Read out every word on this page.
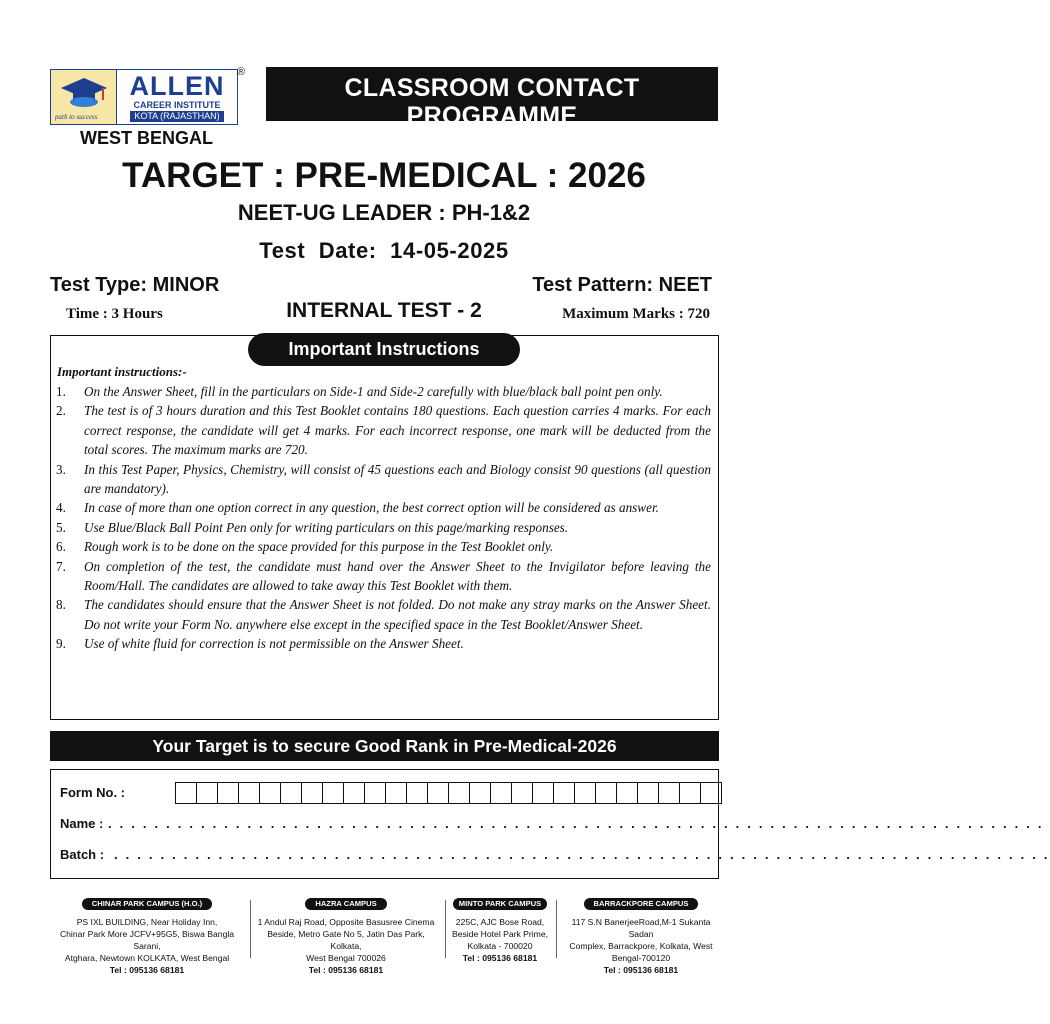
path to success
ALLEN
CAREER INSTITUTE
KOTA (RAJASTHAN)
®
WEST BENGAL
CLASSROOM CONTACT PROGRAMME
(Academic Session : 2025-2026)
TARGET : PRE-MEDICAL : 2026
NEET-UG LEADER : PH-1&2
Test  Date:  14-05-2025
Test Type: MINOR	Test Pattern: NEET
Time : 3 Hours	INTERNAL TEST - 2	Maximum Marks : 720
Important Instructions
Important instructions:-
1. On the Answer Sheet, fill in the particulars on Side-1 and Side-2 carefully with blue/black ball point pen only.
2. The test is of 3 hours duration and this Test Booklet contains 180 questions. Each question carries 4 marks. For each correct response, the candidate will get 4 marks. For each incorrect response, one mark will be deducted from the total scores. The maximum marks are 720.
3. In this Test Paper, Physics, Chemistry, will consist of 45 questions each and Biology consist 90 questions (all question are mandatory).
4. In case of more than one option correct in any question, the best correct option will be considered as answer.
5. Use Blue/Black Ball Point Pen only for writing particulars on this page/marking responses.
6. Rough work is to be done on the space provided for this purpose in the Test Booklet only.
7. On completion of the test, the candidate must hand over the Answer Sheet to the Invigilator before leaving the Room/Hall. The candidates are allowed to take away this Test Booklet with them.
8. The candidates should ensure that the Answer Sheet is not folded. Do not make any stray marks on the Answer Sheet. Do not write your Form No. anywhere else except in the specified space in the Test Booklet/Answer Sheet.
9. Use of white fluid for correction is not permissible on the Answer Sheet.
Your Target is to secure Good Rank in Pre-Medical-2026
Form No. :
Name : . . . . . . . . . . . . . . . . . . . . . . . . . . . . . . . . . . . . . . . . . . . . . . . . . . . . . . . . . . . . . . . . . . . . . . . . . . . . . . . . .
Batch : . . . . . . . . . . . . . . . . . . . . . . . . . . . . . . . . . . . . . . . . . . . . . . . . . . . . . . . . . . . . . . . . . . . . . . . . . . . . . . . . .
CHINAR PARK CAMPUS (H.O.)
PS IXL BUILDING, Near Holiday Inn,
Chinar Park More JCFV+95G5, Biswa Bangla Sarani,
Atghara, Newtown KOLKATA, West Bengal
Tel : 095136 68181
HAZRA CAMPUS
1 Andul Raj Road, Opposite Basusree Cinema
Beside, Metro Gate No 5, Jatin Das Park, Kolkata,
West Bengal 700026
Tel : 095136 68181
MINTO PARK CAMPUS
225C, AJC Bose Road,
Beside Hotel Park Prime,
Kolkata - 700020
Tel : 095136 68181
BARRACKPORE CAMPUS
117 S.N BanerjeeRoad,M-1 Sukanta Sadan
Complex, Barrackpore, Kolkata, West
Bengal-700120
Tel : 095136 68181
